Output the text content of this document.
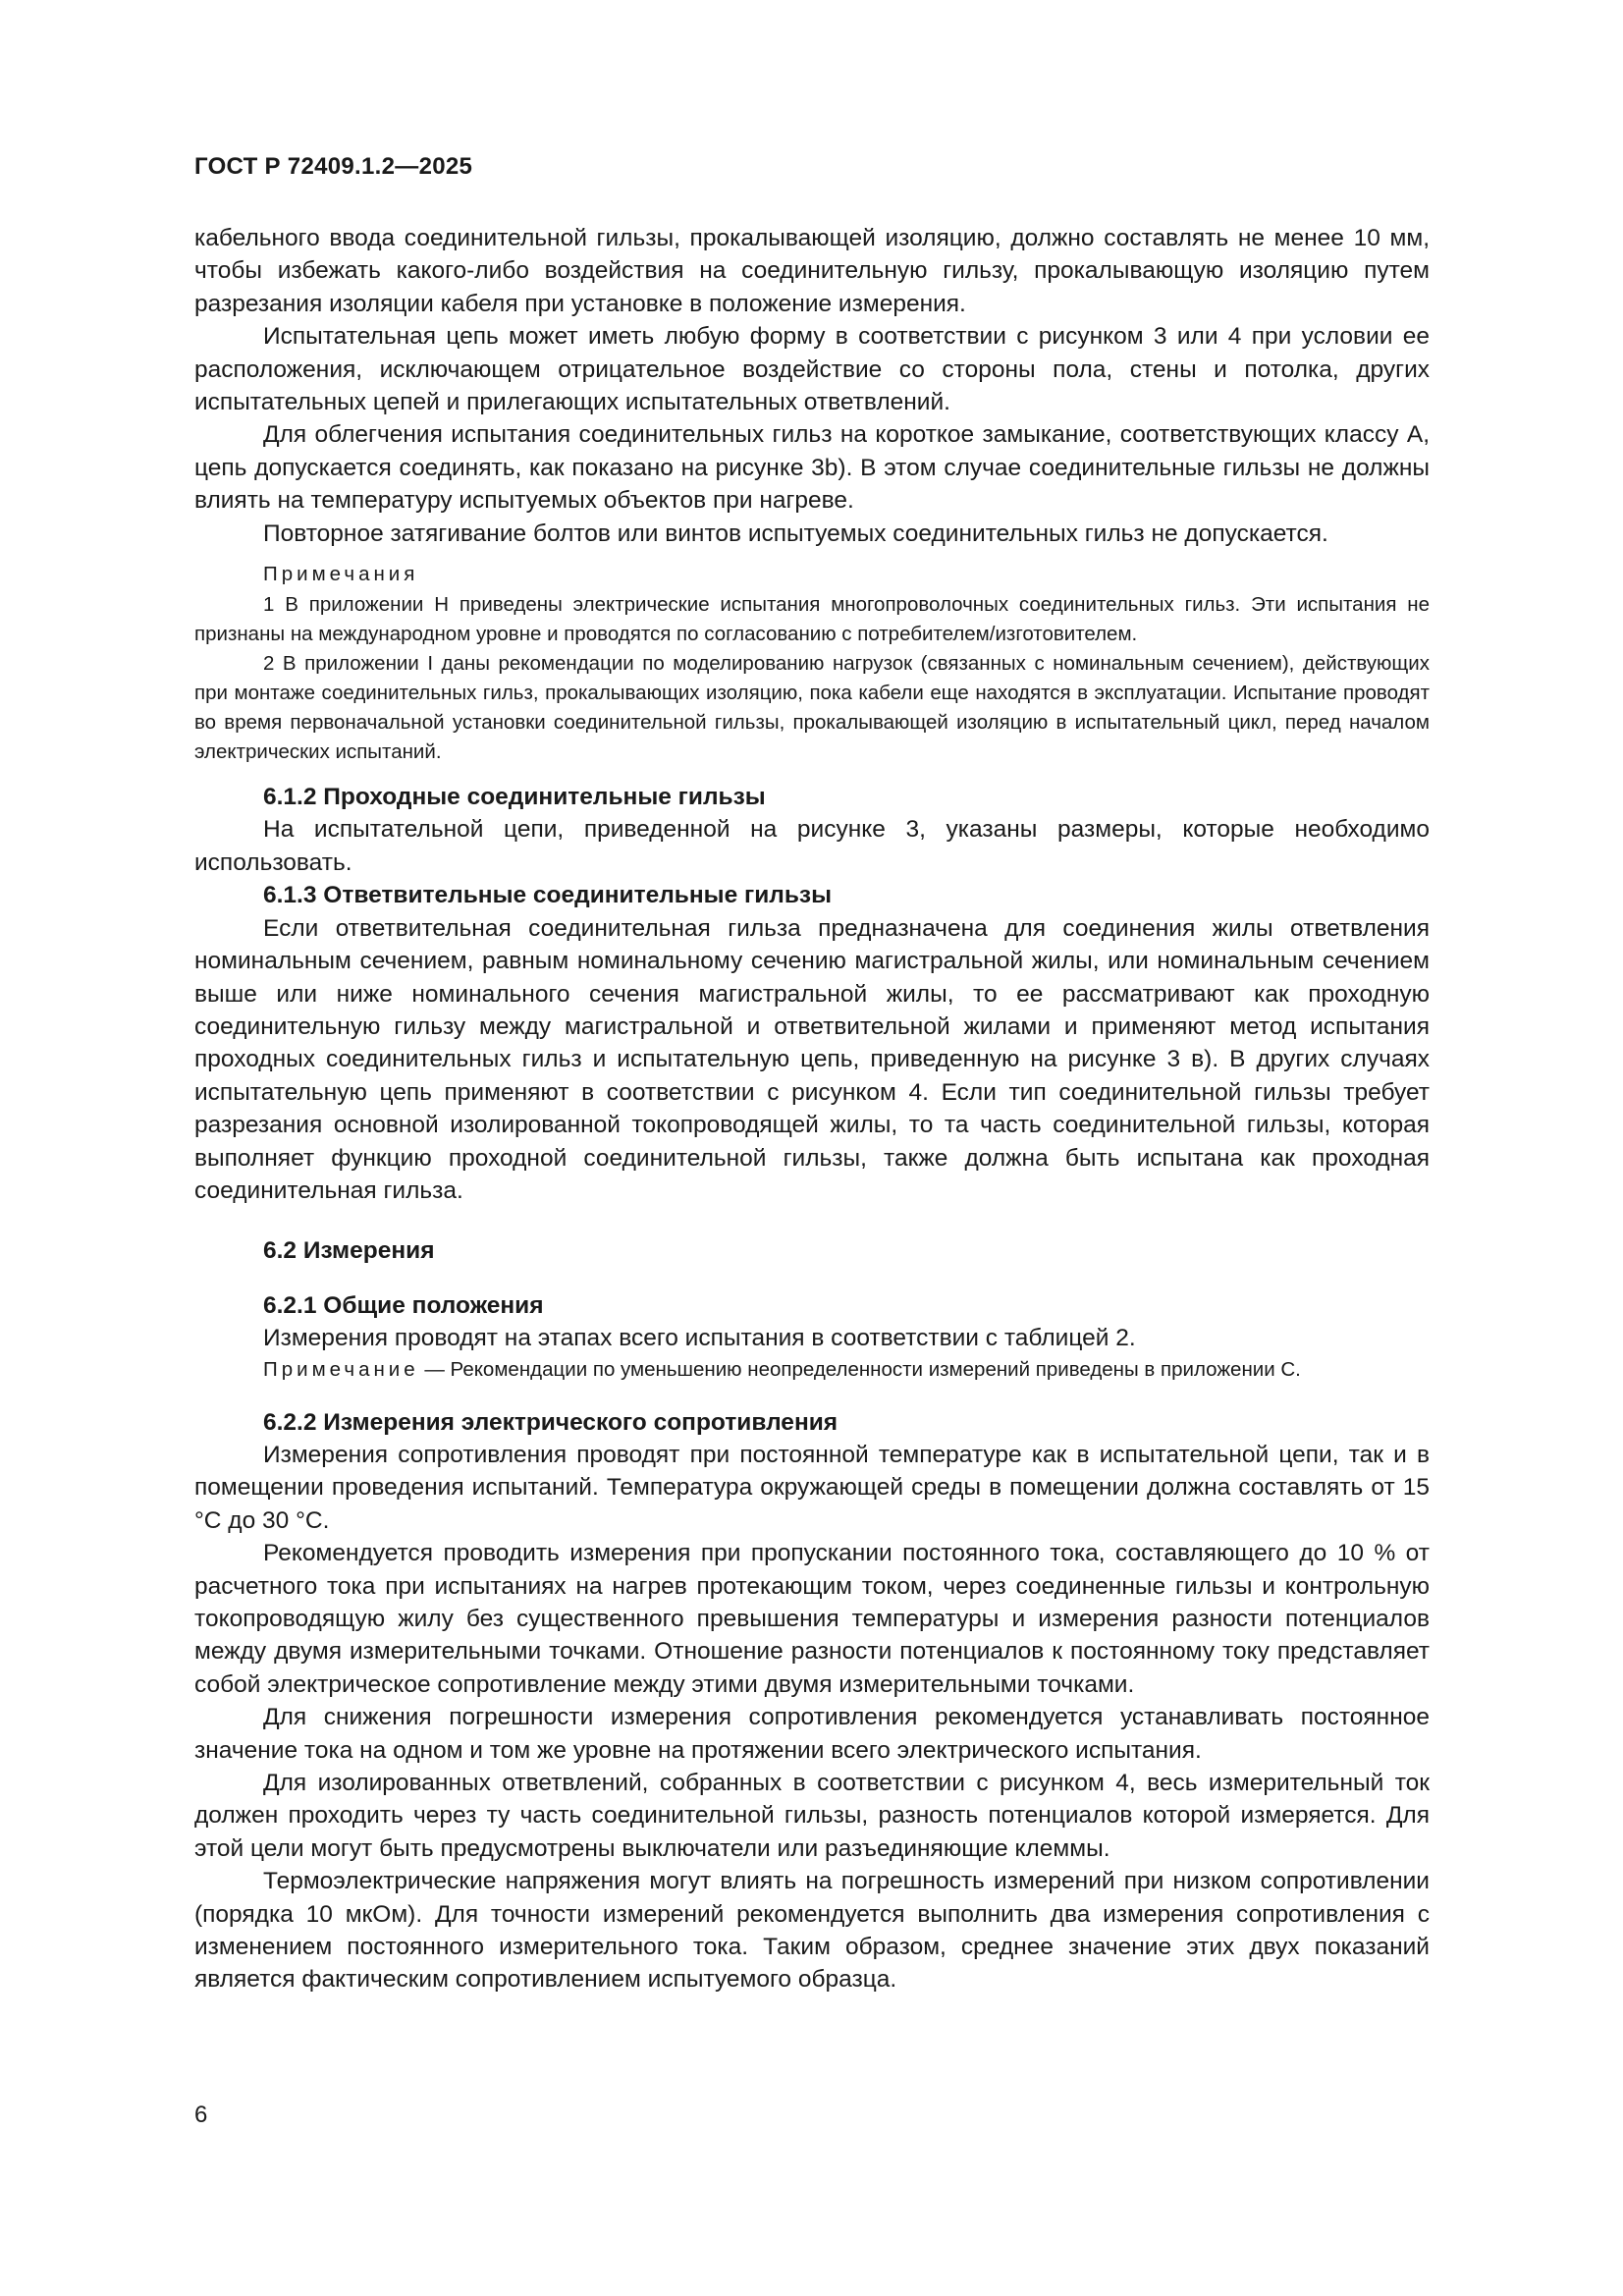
ГОСТ Р 72409.1.2—2025

кабельного ввода соединительной гильзы, прокалывающей изоляцию, должно составлять не менее 10 мм, чтобы избежать какого-либо воздействия на соединительную гильзу, прокалывающую изоляцию путем разрезания изоляции кабеля при установке в положение измерения.

Испытательная цепь может иметь любую форму в соответствии с рисунком 3 или 4 при условии ее расположения, исключающем отрицательное воздействие со стороны пола, стены и потолка, других испытательных цепей и прилегающих испытательных ответвлений.

Для облегчения испытания соединительных гильз на короткое замыкание, соответствующих классу А, цепь допускается соединять, как показано на рисунке 3b). В этом случае соединительные гильзы не должны влиять на температуру испытуемых объектов при нагреве.

Повторное затягивание болтов или винтов испытуемых соединительных гильз не допускается.

Примечания

1 В приложении Н приведены электрические испытания многопроволочных соединительных гильз. Эти испытания не признаны на международном уровне и проводятся по согласованию с потребителем/изготовителем.

2 В приложении I даны рекомендации по моделированию нагрузок (связанных с номинальным сечением), действующих при монтаже соединительных гильз, прокалывающих изоляцию, пока кабели еще находятся в эксплуатации. Испытание проводят во время первоначальной установки соединительной гильзы, прокалывающей изоляцию в испытательный цикл, перед началом электрических испытаний.

6.1.2 Проходные соединительные гильзы

На испытательной цепи, приведенной на рисунке 3, указаны размеры, которые необходимо использовать.

6.1.3 Ответвительные соединительные гильзы

Если ответвительная соединительная гильза предназначена для соединения жилы ответвления номинальным сечением, равным номинальному сечению магистральной жилы, или номинальным сечением выше или ниже номинального сечения магистральной жилы, то ее рассматривают как проходную соединительную гильзу между магистральной и ответвительной жилами и применяют метод испытания проходных соединительных гильз и испытательную цепь, приведенную на рисунке 3 в). В других случаях испытательную цепь применяют в соответствии с рисунком 4. Если тип соединительной гильзы требует разрезания основной изолированной токопроводящей жилы, то та часть соединительной гильзы, которая выполняет функцию проходной соединительной гильзы, также должна быть испытана как проходная соединительная гильза.

6.2 Измерения
6.2.1 Общие положения

Измерения проводят на этапах всего испытания в соответствии с таблицей 2.

Примечание — Рекомендации по уменьшению неопределенности измерений приведены в приложении С.

6.2.2 Измерения электрического сопротивления

Измерения сопротивления проводят при постоянной температуре как в испытательной цепи, так и в помещении проведения испытаний. Температура окружающей среды в помещении должна составлять от 15 °С до 30 °С.

Рекомендуется проводить измерения при пропускании постоянного тока, составляющего до 10 % от расчетного тока при испытаниях на нагрев протекающим током, через соединенные гильзы и контрольную токопроводящую жилу без существенного превышения температуры и измерения разности потенциалов между двумя измерительными точками. Отношение разности потенциалов к постоянному току представляет собой электрическое сопротивление между этими двумя измерительными точками.

Для снижения погрешности измерения сопротивления рекомендуется устанавливать постоянное значение тока на одном и том же уровне на протяжении всего электрического испытания.

Для изолированных ответвлений, собранных в соответствии с рисунком 4, весь измерительный ток должен проходить через ту часть соединительной гильзы, разность потенциалов которой измеряется. Для этой цели могут быть предусмотрены выключатели или разъединяющие клеммы.

Термоэлектрические напряжения могут влиять на погрешность измерений при низком сопротивлении (порядка 10 мкОм). Для точности измерений рекомендуется выполнить два измерения сопротивления с изменением постоянного измерительного тока. Таким образом, среднее значение этих двух показаний является фактическим сопротивлением испытуемого образца.

6
